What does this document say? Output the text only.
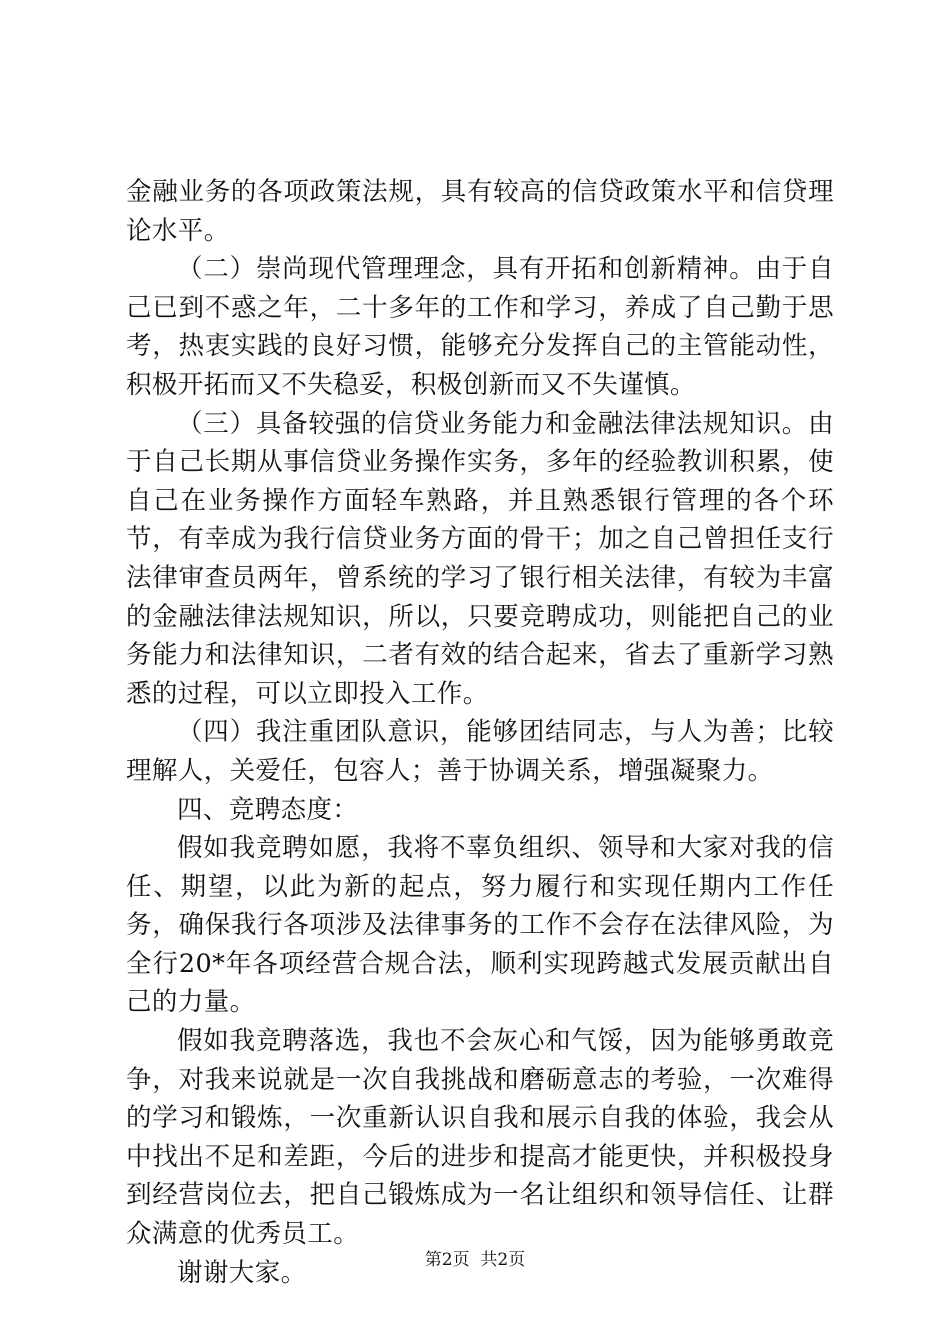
金融业务的各项政策法规，具有较高的信贷政策水平和信贷理论水平。

（二）崇尚现代管理理念，具有开拓和创新精神。由于自己已到不惑之年，二十多年的工作和学习，养成了自己勤于思考，热衷实践的良好习惯，能够充分发挥自己的主管能动性，积极开拓而又不失稳妥，积极创新而又不失谨慎。

（三）具备较强的信贷业务能力和金融法律法规知识。由于自己长期从事信贷业务操作实务，多年的经验教训积累，使自己在业务操作方面轻车熟路，并且熟悉银行管理的各个环节，有幸成为我行信贷业务方面的骨干；加之自己曾担任支行法律审查员两年，曾系统的学习了银行相关法律，有较为丰富的金融法律法规知识，所以，只要竞聘成功，则能把自己的业务能力和法律知识，二者有效的结合起来，省去了重新学习熟悉的过程，可以立即投入工作。

（四）我注重团队意识，能够团结同志，与人为善；比较理解人，关爱任，包容人；善于协调关系，增强凝聚力。

四、竞聘态度：

假如我竞聘如愿，我将不辜负组织、领导和大家对我的信任、期望，以此为新的起点，努力履行和实现任期内工作任务，确保我行各项涉及法律事务的工作不会存在法律风险，为全行20*年各项经营合规合法，顺利实现跨越式发展贡献出自己的力量。

假如我竞聘落选，我也不会灰心和气馁，因为能够勇敢竞争，对我来说就是一次自我挑战和磨砺意志的考验，一次难得的学习和锻炼，一次重新认识自我和展示自我的体验，我会从中找出不足和差距，今后的进步和提高才能更快，并积极投身到经营岗位去，把自己锻炼成为一名让组织和领导信任、让群众满意的优秀员工。

谢谢大家。	第2页  共2页
